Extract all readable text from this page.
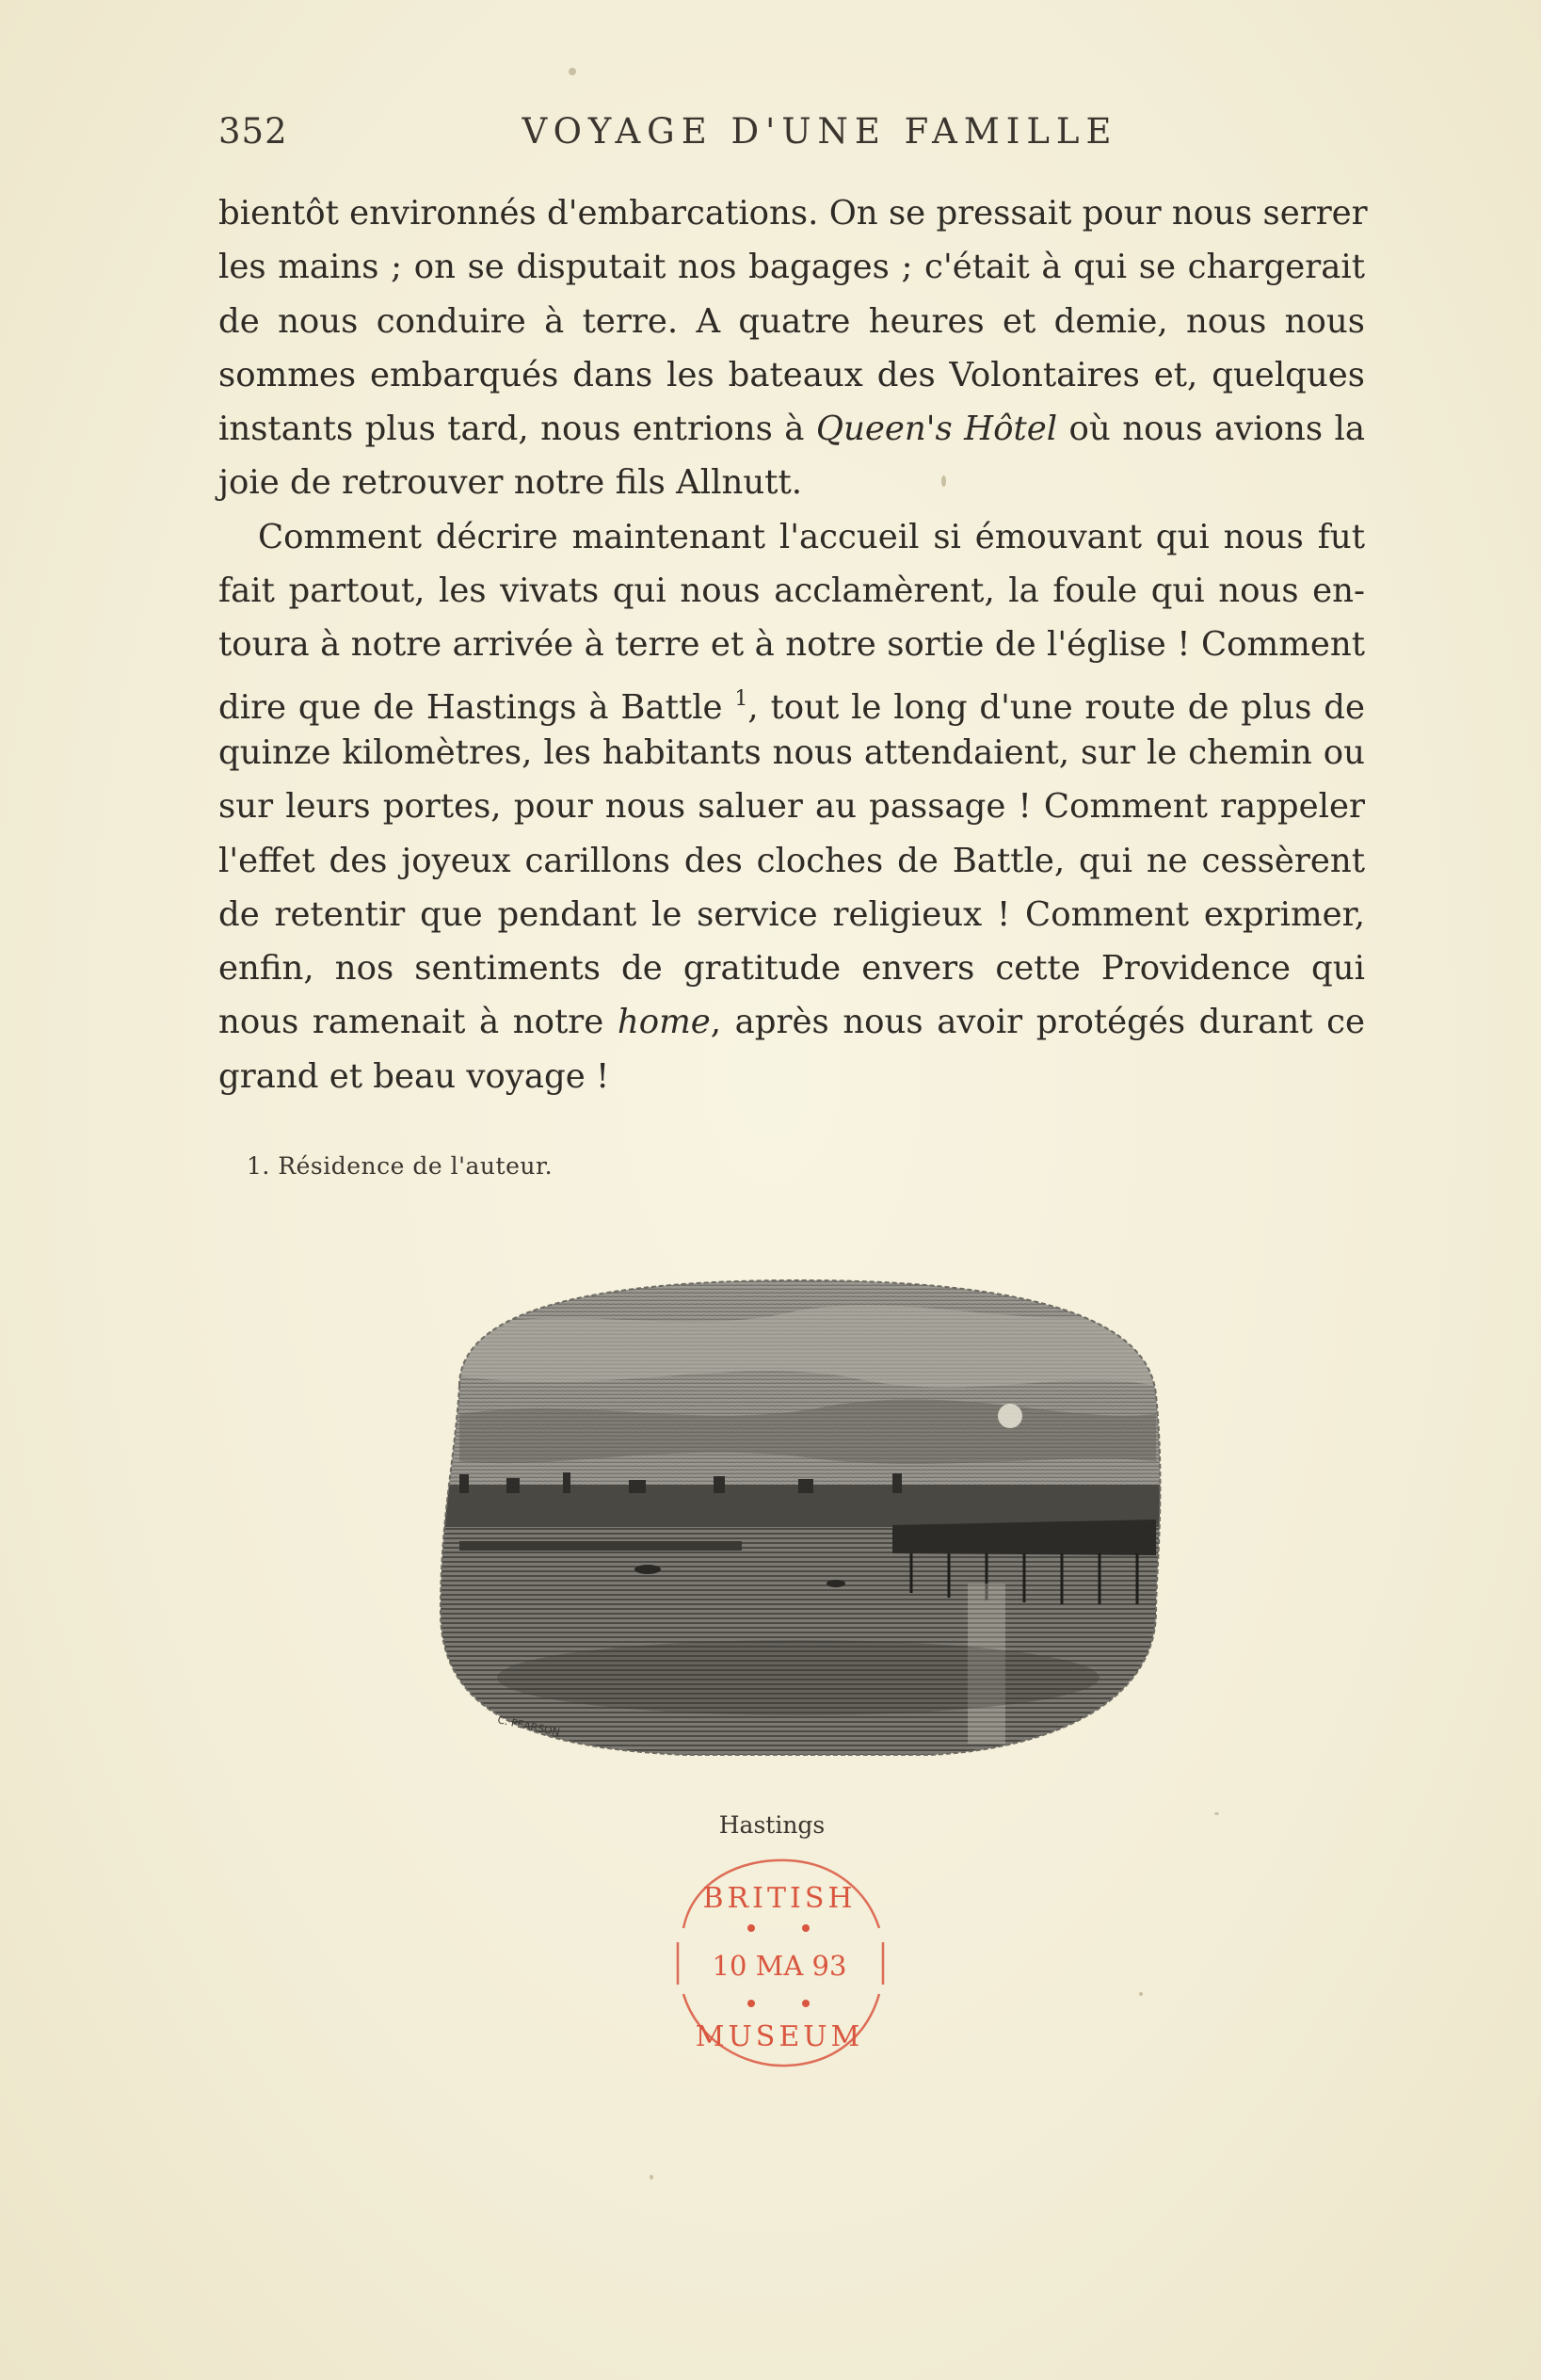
352	VOYAGE D'UNE FAMILLE
bientôt environnés d'embarcations. On se pressait pour nous serrer
les mains ; on se disputait nos bagages ; c'était à qui se chargerait
de nous conduire à terre. A quatre heures et demie, nous nous
sommes embarqués dans les bateaux des Volontaires et, quelques
instants plus tard, nous entrions à Queen's Hôtel où nous avions la
joie de retrouver notre fils Allnutt.
Comment décrire maintenant l'accueil si émouvant qui nous fut
fait partout, les vivats qui nous acclamèrent, la foule qui nous en-
toura à notre arrivée à terre et à notre sortie de l'église ! Comment
dire que de Hastings à Battle $^1$, tout le long d'une route de plus de
quinze kilomètres, les habitants nous attendaient, sur le chemin ou
sur leurs portes, pour nous saluer au passage ! Comment rappeler
l'effet des joyeux carillons des cloches de Battle, qui ne cessèrent
de retentir que pendant le service religieux ! Comment exprimer,
enfin, nos sentiments de gratitude envers cette Providence qui
nous ramenait à notre home, après nous avoir protégés durant ce
grand et beau voyage !
1. Résidence de l'auteur.
C. PEARSON
Hastings
BRITISH
10 MA 93
MUSEUM
